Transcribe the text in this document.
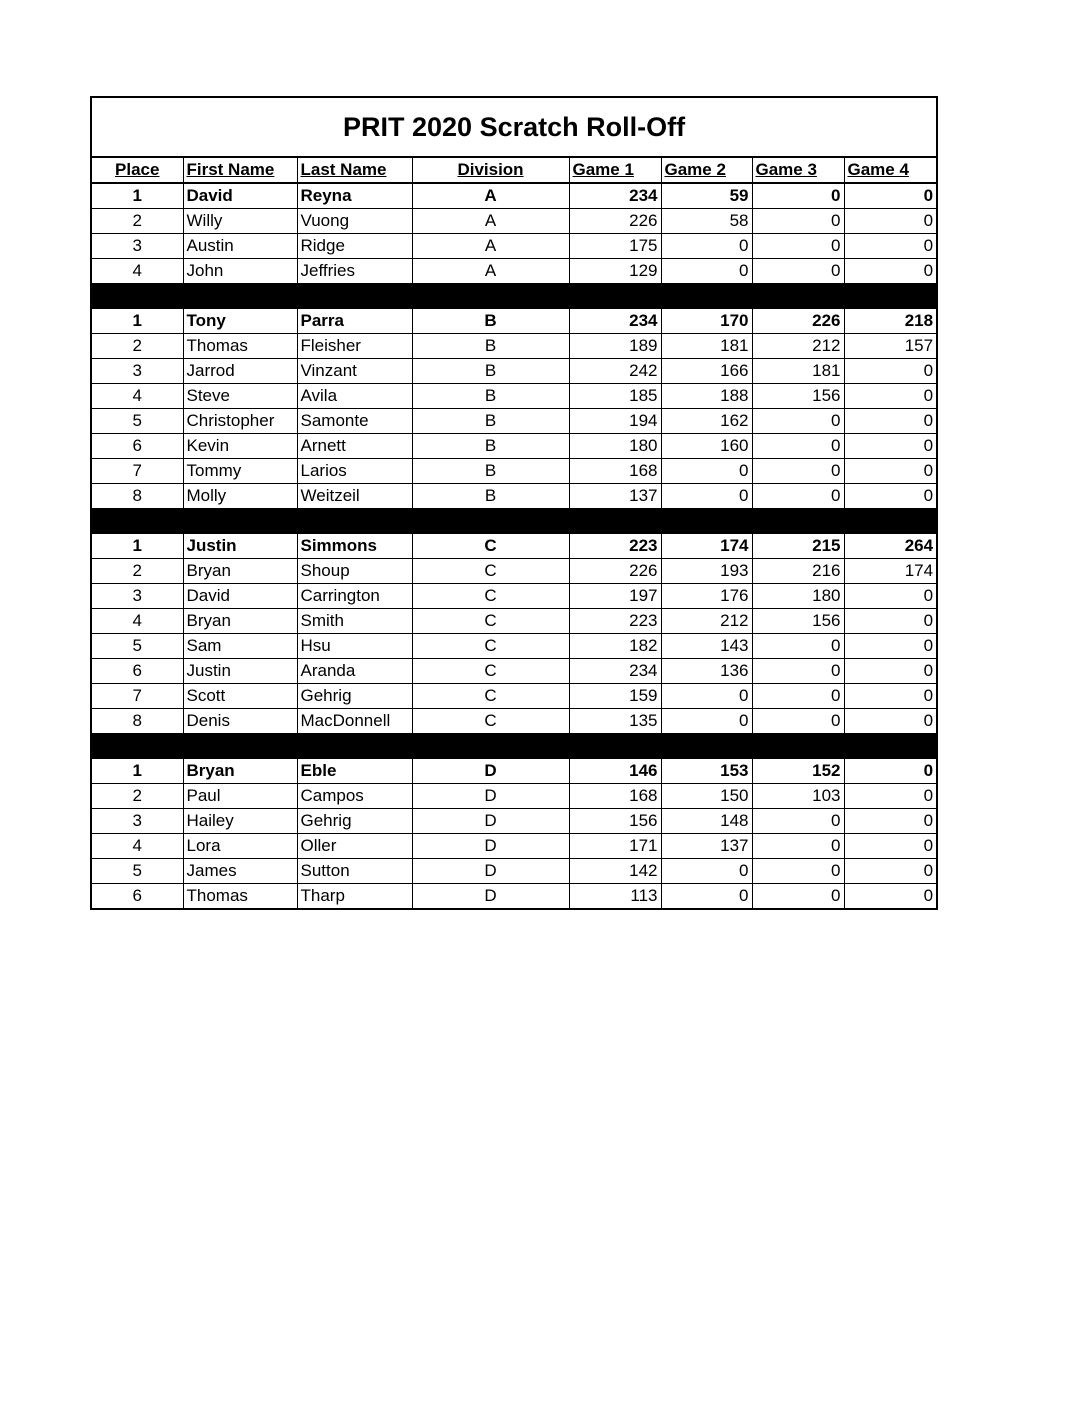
PRIT 2020 Scratch Roll-Off							
Place	First Name	Last Name	Division	Game 1	Game 2	Game 3	Game 4
1	David	Reyna	A	234	59	0	0
2	Willy	Vuong	A	226	58	0	0
3	Austin	Ridge	A	175	0	0	0
4	John	Jeffries	A	129	0	0	0

1	Tony	Parra	B	234	170	226	218
2	Thomas	Fleisher	B	189	181	212	157
3	Jarrod	Vinzant	B	242	166	181	0
4	Steve	Avila	B	185	188	156	0
5	Christopher	Samonte	B	194	162	0	0
6	Kevin	Arnett	B	180	160	0	0
7	Tommy	Larios	B	168	0	0	0
8	Molly	Weitzeil	B	137	0	0	0

1	Justin	Simmons	C	223	174	215	264
2	Bryan	Shoup	C	226	193	216	174
3	David	Carrington	C	197	176	180	0
4	Bryan	Smith	C	223	212	156	0
5	Sam	Hsu	C	182	143	0	0
6	Justin	Aranda	C	234	136	0	0
7	Scott	Gehrig	C	159	0	0	0
8	Denis	MacDonnell	C	135	0	0	0

1	Bryan	Eble	D	146	153	152	0
2	Paul	Campos	D	168	150	103	0
3	Hailey	Gehrig	D	156	148	0	0
4	Lora	Oller	D	171	137	0	0
5	James	Sutton	D	142	0	0	0
6	Thomas	Tharp	D	113	0	0	0
